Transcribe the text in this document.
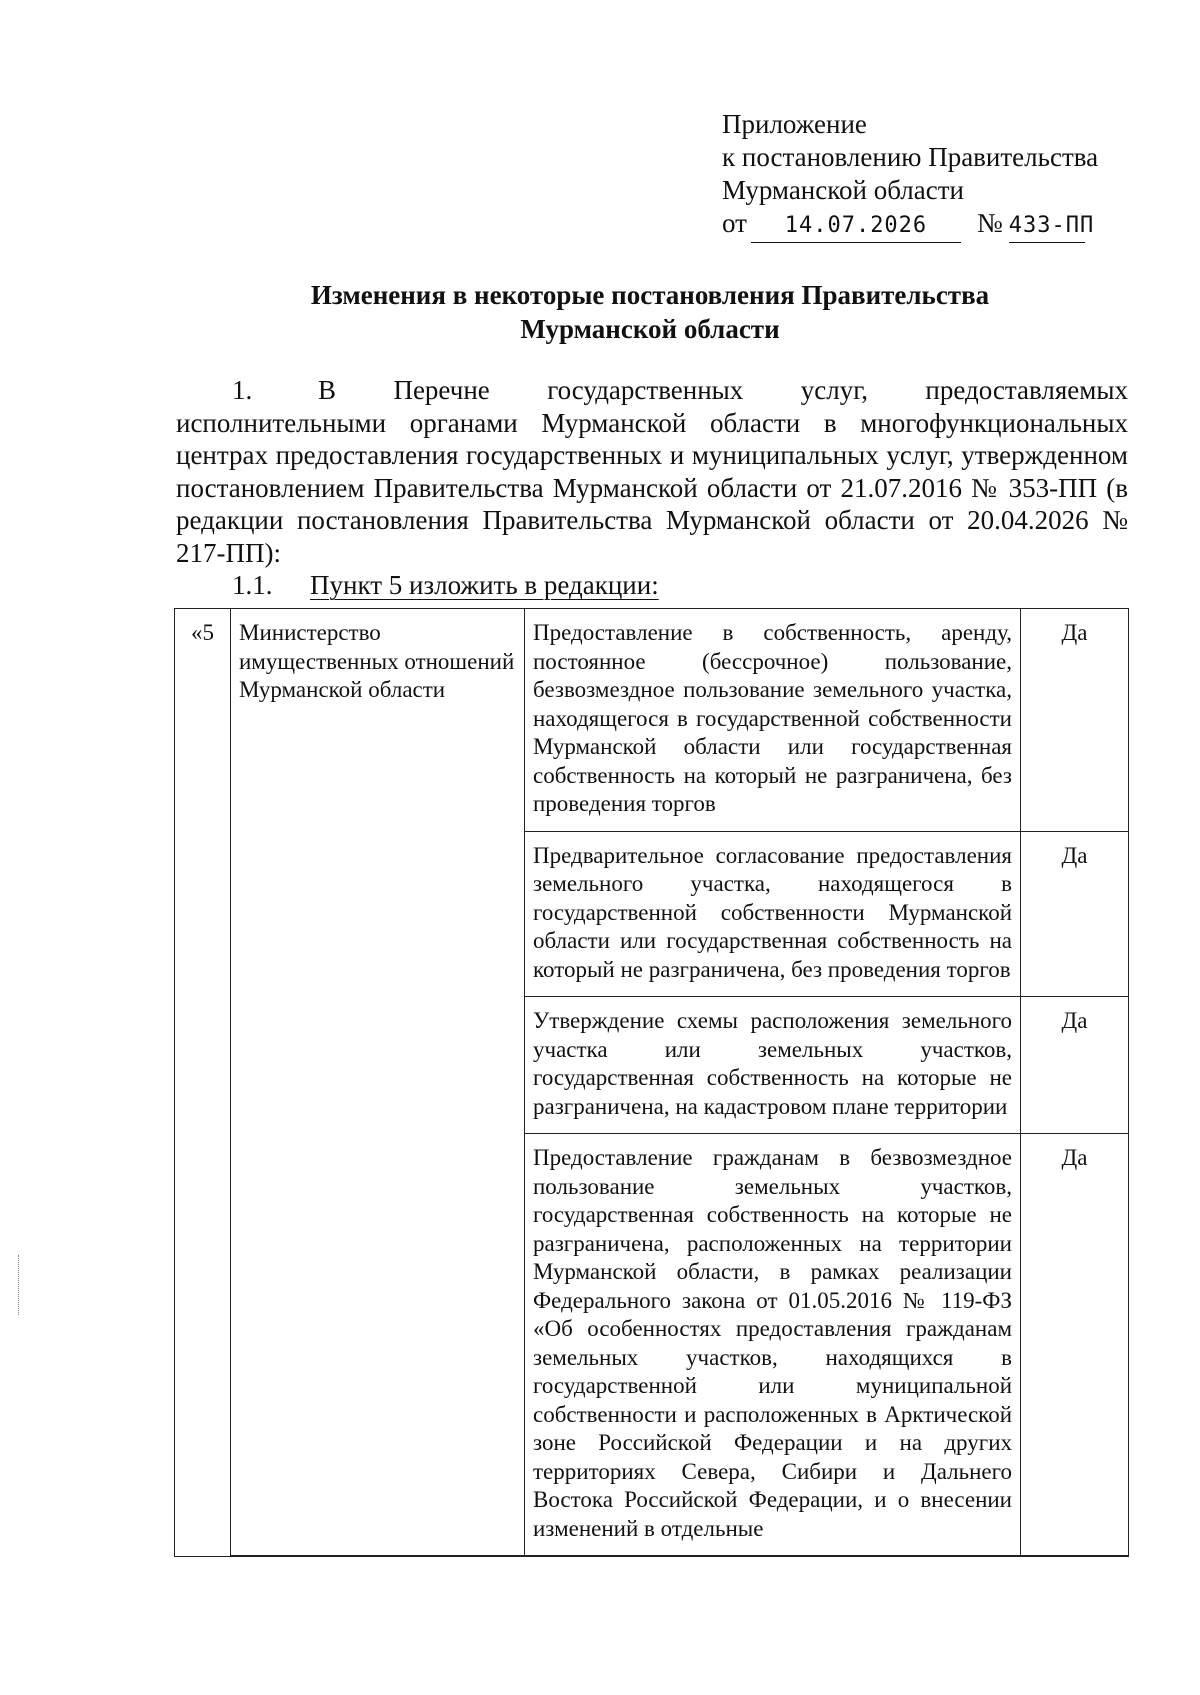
Приложение
к постановлению Правительства
Мурманской области
от	14.07.2026	№ 433-ПП
Изменения в некоторые постановления Правительства
Мурманской области

1. В Перечне государственных услуг, предоставляемых исполнительными органами Мурманской области в многофункциональных центрах предоставления государственных и муниципальных услуг, утвержденном постановлением Правительства Мурманской области от 21.07.2016 № 353-ПП (в редакции постановления Правительства Мурманской области от 20.04.2026 № 217-ПП):

1.1. Пункт 5 изложить в редакции:

«5	Министерство имущественных отношений Мурманской области	Предоставление в собственность, аренду, постоянное (бессрочное) пользование, безвозмездное пользование земельного участка, находящегося в государственной собственности Мурманской области или государственная собственность на который не разграничена, без проведения торгов	Да
		Предварительное согласование предоставления земельного участка, находящегося в государственной собственности Мурманской области или государственная собственность на который не разграничена, без проведения торгов	Да
		Утверждение схемы расположения земельного участка или земельных участков, государственная собственность на которые не разграничена, на кадастровом плане территории	Да
		Предоставление гражданам в безвозмездное пользование земельных участков, государственная собственность на которые не разграничена, расположенных на территории Мурманской области, в рамках реализации Федерального закона от 01.05.2016 № 119-ФЗ «Об особенностях предоставления гражданам земельных участков, находящихся в государственной или муниципальной собственности и расположенных в Арктической зоне Российской Федерации и на других территориях Севера, Сибири и Дальнего Востока Российской Федерации, и о внесении изменений в отдельные	Да
